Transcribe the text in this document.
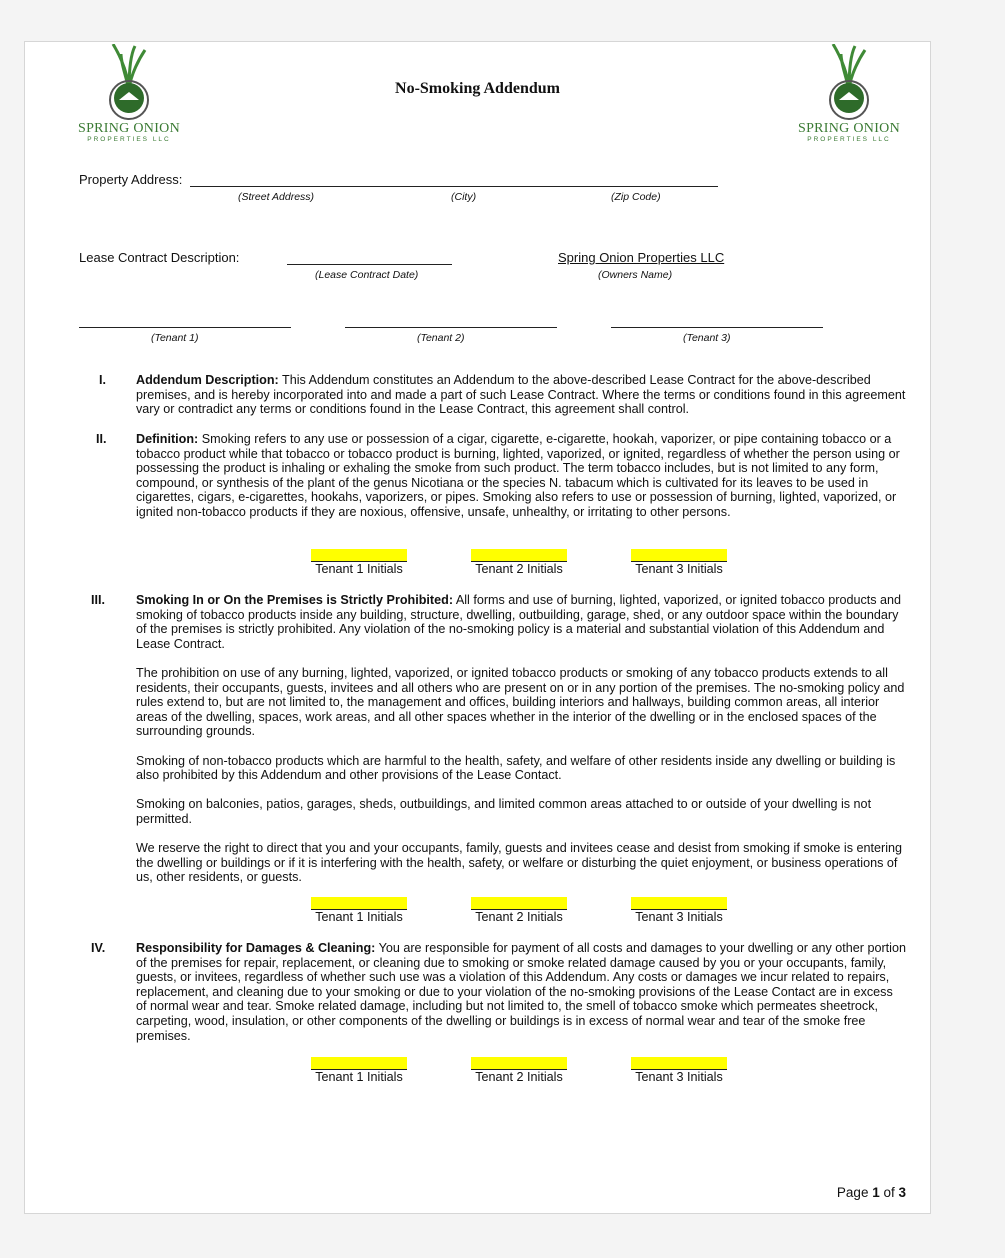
SPRING ONION
PROPERTIES LLC
SPRING ONION
PROPERTIES LLC
No-Smoking Addendum
Property Address:
(Street Address)	(City)	(Zip Code)
Lease Contract Description:
(Lease Contract Date)
Spring Onion Properties LLC
(Owners Name)
(Tenant 1)	(Tenant 2)	(Tenant 3)
I. Addendum Description: This Addendum constitutes an Addendum to the above-described Lease Contract for the above-described premises, and is hereby incorporated into and made a part of such Lease Contract. Where the terms or conditions found in this agreement vary or contradict any terms or conditions found in the Lease Contract, this agreement shall control.

II. Definition: Smoking refers to any use or possession of a cigar, cigarette, e-cigarette, hookah, vaporizer, or pipe containing tobacco or a tobacco product while that tobacco or tobacco product is burning, lighted, vaporized, or ignited, regardless of whether the person using or possessing the product is inhaling or exhaling the smoke from such product. The term tobacco includes, but is not limited to any form, compound, or synthesis of the plant of the genus Nicotiana or the species N. tabacum which is cultivated for its leaves to be used in cigarettes, cigars, e-cigarettes, hookahs, vaporizers, or pipes. Smoking also refers to use or possession of burning, lighted, vaporized, or ignited non-tobacco products if they are noxious, offensive, unsafe, unhealthy, or irritating to other persons.

Tenant 1 Initials	Tenant 2 Initials	Tenant 3 Initials
III. Smoking In or On the Premises is Strictly Prohibited: All forms and use of burning, lighted, vaporized, or ignited tobacco products and smoking of tobacco products inside any building, structure, dwelling, outbuilding, garage, shed, or any outdoor space within the boundary of the premises is strictly prohibited. Any violation of the no-smoking policy is a material and substantial violation of this Addendum and Lease Contract.

The prohibition on use of any burning, lighted, vaporized, or ignited tobacco products or smoking of any tobacco products extends to all residents, their occupants, guests, invitees and all others who are present on or in any portion of the premises. The no-smoking policy and rules extend to, but are not limited to, the management and offices, building interiors and hallways, building common areas, all interior areas of the dwelling, spaces, work areas, and all other spaces whether in the interior of the dwelling or in the enclosed spaces of the surrounding grounds.

Smoking of non-tobacco products which are harmful to the health, safety, and welfare of other residents inside any dwelling or building is also prohibited by this Addendum and other provisions of the Lease Contact.

Smoking on balconies, patios, garages, sheds, outbuildings, and limited common areas attached to or outside of your dwelling is not permitted.

We reserve the right to direct that you and your occupants, family, guests and invitees cease and desist from smoking if smoke is entering the dwelling or buildings or if it is interfering with the health, safety, or welfare or disturbing the quiet enjoyment, or business operations of us, other residents, or guests.

Tenant 1 Initials	Tenant 2 Initials	Tenant 3 Initials
IV. Responsibility for Damages & Cleaning: You are responsible for payment of all costs and damages to your dwelling or any other portion of the premises for repair, replacement, or cleaning due to smoking or smoke related damage caused by you or your occupants, family, guests, or invitees, regardless of whether such use was a violation of this Addendum. Any costs or damages we incur related to repairs, replacement, and cleaning due to your smoking or due to your violation of the no-smoking provisions of the Lease Contact are in excess of normal wear and tear. Smoke related damage, including but not limited to, the smell of tobacco smoke which permeates sheetrock, carpeting, wood, insulation, or other components of the dwelling or buildings is in excess of normal wear and tear of the smoke free premises.

Tenant 1 Initials	Tenant 2 Initials	Tenant 3 Initials
Page 1 of 3
